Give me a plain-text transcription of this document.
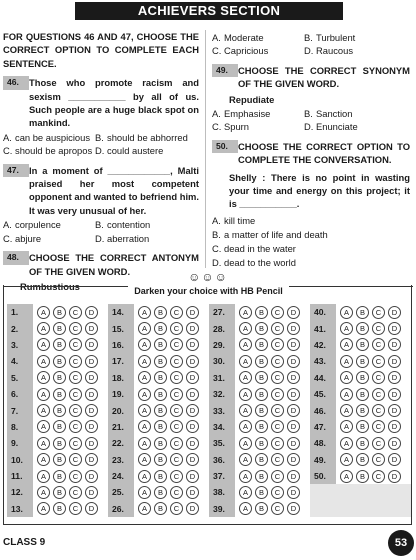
ACHIEVERS SECTION
FOR QUESTIONS 46 AND 47, CHOOSE THE CORRECT OPTION TO COMPLETE EACH SENTENCE.
46.	Those who promote racism and sexism ___________ by all of us. Such people are a huge black spot on mankind.
A. can be auspicious B. should be abhorred
C. should be apropos D. could austere
47.	In a moment of ____________, Malti praised her most competent opponent and wanted to befriend him. It was very unusual of her.
A. corpulence	B. contention
C. abjure	D. aberration
48.	CHOOSE THE CORRECT ANTONYM OF THE GIVEN WORD.
Rumbustious
A. Moderate	B. Turbulent
C. Capricious	D. Raucous
49.	CHOOSE THE CORRECT SYNONYM OF THE GIVEN WORD.
Repudiate
A. Emphasise	B. Sanction
C. Spurn	D. Enunciate
50.	CHOOSE THE CORRECT OPTION TO COMPLETE THE CONVERSATION.
Shelly : There is no point in wasting your time and energy on this project; it is ___________.
A. kill time
B. a matter of life and death
C. dead in the water
D. dead to the world
☺☺☺
Darken your choice with HB Pencil
1.	A	B	C	D
2.	A	B	C	D
3.	A	B	C	D
4.	A	B	C	D
5.	A	B	C	D
6.	A	B	C	D
7.	A	B	C	D
8.	A	B	C	D
9.	A	B	C	D
10.	A	B	C	D
11.	A	B	C	D
12.	A	B	C	D
13.	A	B	C	D
14.	A	B	C	D
15.	A	B	C	D
16.	A	B	C	D
17.	A	B	C	D
18.	A	B	C	D
19.	A	B	C	D
20.	A	B	C	D
21.	A	B	C	D
22.	A	B	C	D
23.	A	B	C	D
24.	A	B	C	D
25.	A	B	C	D
26.	A	B	C	D
27.	A	B	C	D
28.	A	B	C	D
29.	A	B	C	D
30.	A	B	C	D
31.	A	B	C	D
32.	A	B	C	D
33.	A	B	C	D
34.	A	B	C	D
35.	A	B	C	D
36.	A	B	C	D
37.	A	B	C	D
38.	A	B	C	D
39.	A	B	C	D
40.	A	B	C	D
41.	A	B	C	D
42.	A	B	C	D
43.	A	B	C	D
44.	A	B	C	D
45.	A	B	C	D
46.	A	B	C	D
47.	A	B	C	D
48.	A	B	C	D
49.	A	B	C	D
50.	A	B	C	D
CLASS 9	53
